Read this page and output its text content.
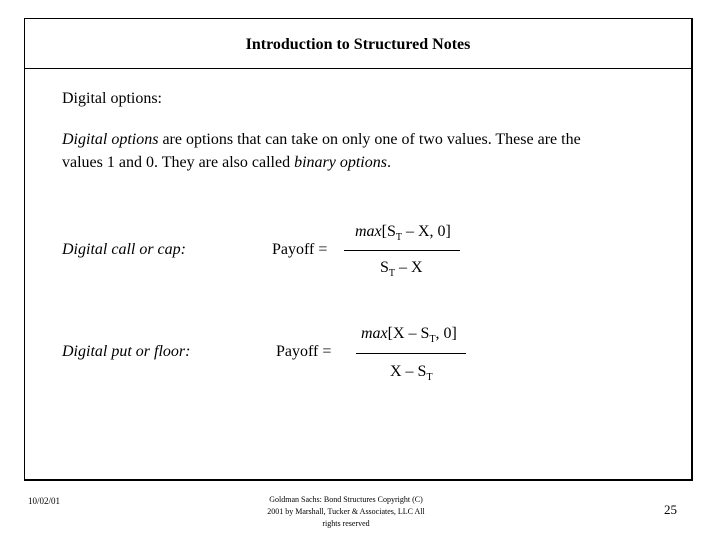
Introduction to Structured Notes
Digital options:
Digital options are options that can take on only one of two values. These are the
values 1 and 0. They are also called binary options.
Digital call or cap:	Payoff =
$\max[S_T$ – X, 0]
$S_T$ – X
Digital put or floor:	Payoff =
$\max[X - S_T$, 0]
X – $S_T$
10/02/01	Goldman Sachs: Bond Structures Copyright (C)
2001 by Marshall, Tucker & Associates, LLC All
rights reserved
25
